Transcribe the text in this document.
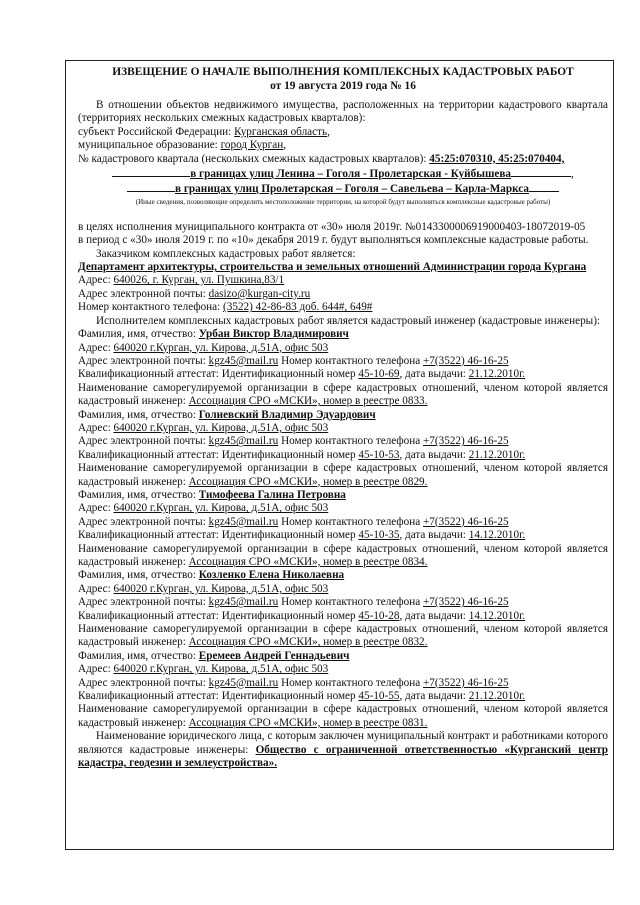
ИЗВЕЩЕНИЕ О НАЧАЛЕ ВЫПОЛНЕНИЯ КОМПЛЕКСНЫХ КАДАСТРОВЫХ РАБОТ
от 19 августа 2019 года № 16

В отношении объектов недвижимого имущества, расположенных на территории кадастрового квартала (территориях нескольких смежных кадастровых кварталов):

субъект Российской Федерации: Курганская область,

муниципальное образование: город Курган,

№ кадастрового квартала (нескольких смежных кадастровых кварталов): 45:25:070310, 45:25:070404,

в границах улиц Ленина – Гоголя - Пролетарская - Куйбышева	,

в границах улиц Пролетарская – Гоголя – Савельева – Карла-Маркса

(Иные сведения, позволяющие определить местоположение территории, на которой будут выполняться комплексные кадастровые работы)

в целях исполнения муниципального контракта от «30» июля 2019г. №0143300006919000403-18072019-05

в период с «30» июля 2019 г. по «10» декабря 2019 г. будут выполняться комплексные кадастровые работы.

Заказчиком комплексных кадастровых работ является:

Департамент архитектуры, строительства и земельных отношений Администрации города Кургана

Адрес: 640026, г. Курган, ул. Пушкина,83/1

Адрес электронной почты: dasizo@kurgan-city.ru

Номер контактного телефона: (3522) 42-86-83 доб. 644#, 649#

Исполнителем комплексных кадастровых работ является кадастровый инженер (кадастровые инженеры):

Фамилия, имя, отчество: Урбан Виктор Владимирович

Адрес: 640020 г.Курган, ул. Кирова, д.51А, офис 503

Адрес электронной почты: kgz45@mail.ru Номер контактного телефона +7(3522) 46-16-25

Квалификационный аттестат: Идентификационный номер 45-10-69, дата выдачи: 21.12.2010г.

Наименование саморегулируемой организации в сфере кадастровых отношений, членом которой является кадастровый инженер: Ассоциация СРО «МСКИ», номер в реестре 0833.

Фамилия, имя, отчество: Голиевский Владимир Эдуардович

Адрес: 640020 г.Курган, ул. Кирова, д.51А, офис 503

Адрес электронной почты: kgz45@mail.ru Номер контактного телефона +7(3522) 46-16-25

Квалификационный аттестат: Идентификационный номер 45-10-53, дата выдачи: 21.12.2010г.

Наименование саморегулируемой организации в сфере кадастровых отношений, членом которой является кадастровый инженер: Ассоциация СРО «МСКИ», номер в реестре 0829.

Фамилия, имя, отчество: Тимофеева Галина Петровна

Адрес: 640020 г.Курган, ул. Кирова, д.51А, офис 503

Адрес электронной почты: kgz45@mail.ru Номер контактного телефона +7(3522) 46-16-25

Квалификационный аттестат: Идентификационный номер 45-10-35, дата выдачи: 14.12.2010г.

Наименование саморегулируемой организации в сфере кадастровых отношений, членом которой является кадастровый инженер: Ассоциация СРО «МСКИ», номер в реестре 0834.

Фамилия, имя, отчество: Козленко Елена Николаевна

Адрес: 640020 г.Курган, ул. Кирова, д.51А, офис 503

Адрес электронной почты: kgz45@mail.ru Номер контактного телефона +7(3522) 46-16-25

Квалификационный аттестат: Идентификационный номер 45-10-28, дата выдачи: 14.12.2010г.

Наименование саморегулируемой организации в сфере кадастровых отношений, членом которой является кадастровый инженер: Ассоциация СРО «МСКИ», номер в реестре 0832.

Фамилия, имя, отчество: Еремеев Андрей Геннадьевич

Адрес: 640020 г.Курган, ул. Кирова, д.51А, офис 503

Адрес электронной почты: kgz45@mail.ru Номер контактного телефона +7(3522) 46-16-25

Квалификационный аттестат: Идентификационный номер 45-10-55, дата выдачи: 21.12.2010г.

Наименование саморегулируемой организации в сфере кадастровых отношений, членом которой является кадастровый инженер: Ассоциация СРО «МСКИ», номер в реестре 0831.

Наименование юридического лица, с которым заключен муниципальный контракт и работниками которого являются кадастровые инженеры: Общество с ограниченной ответственностью «Курганский центр кадастра, геодезии и землеустройства».
